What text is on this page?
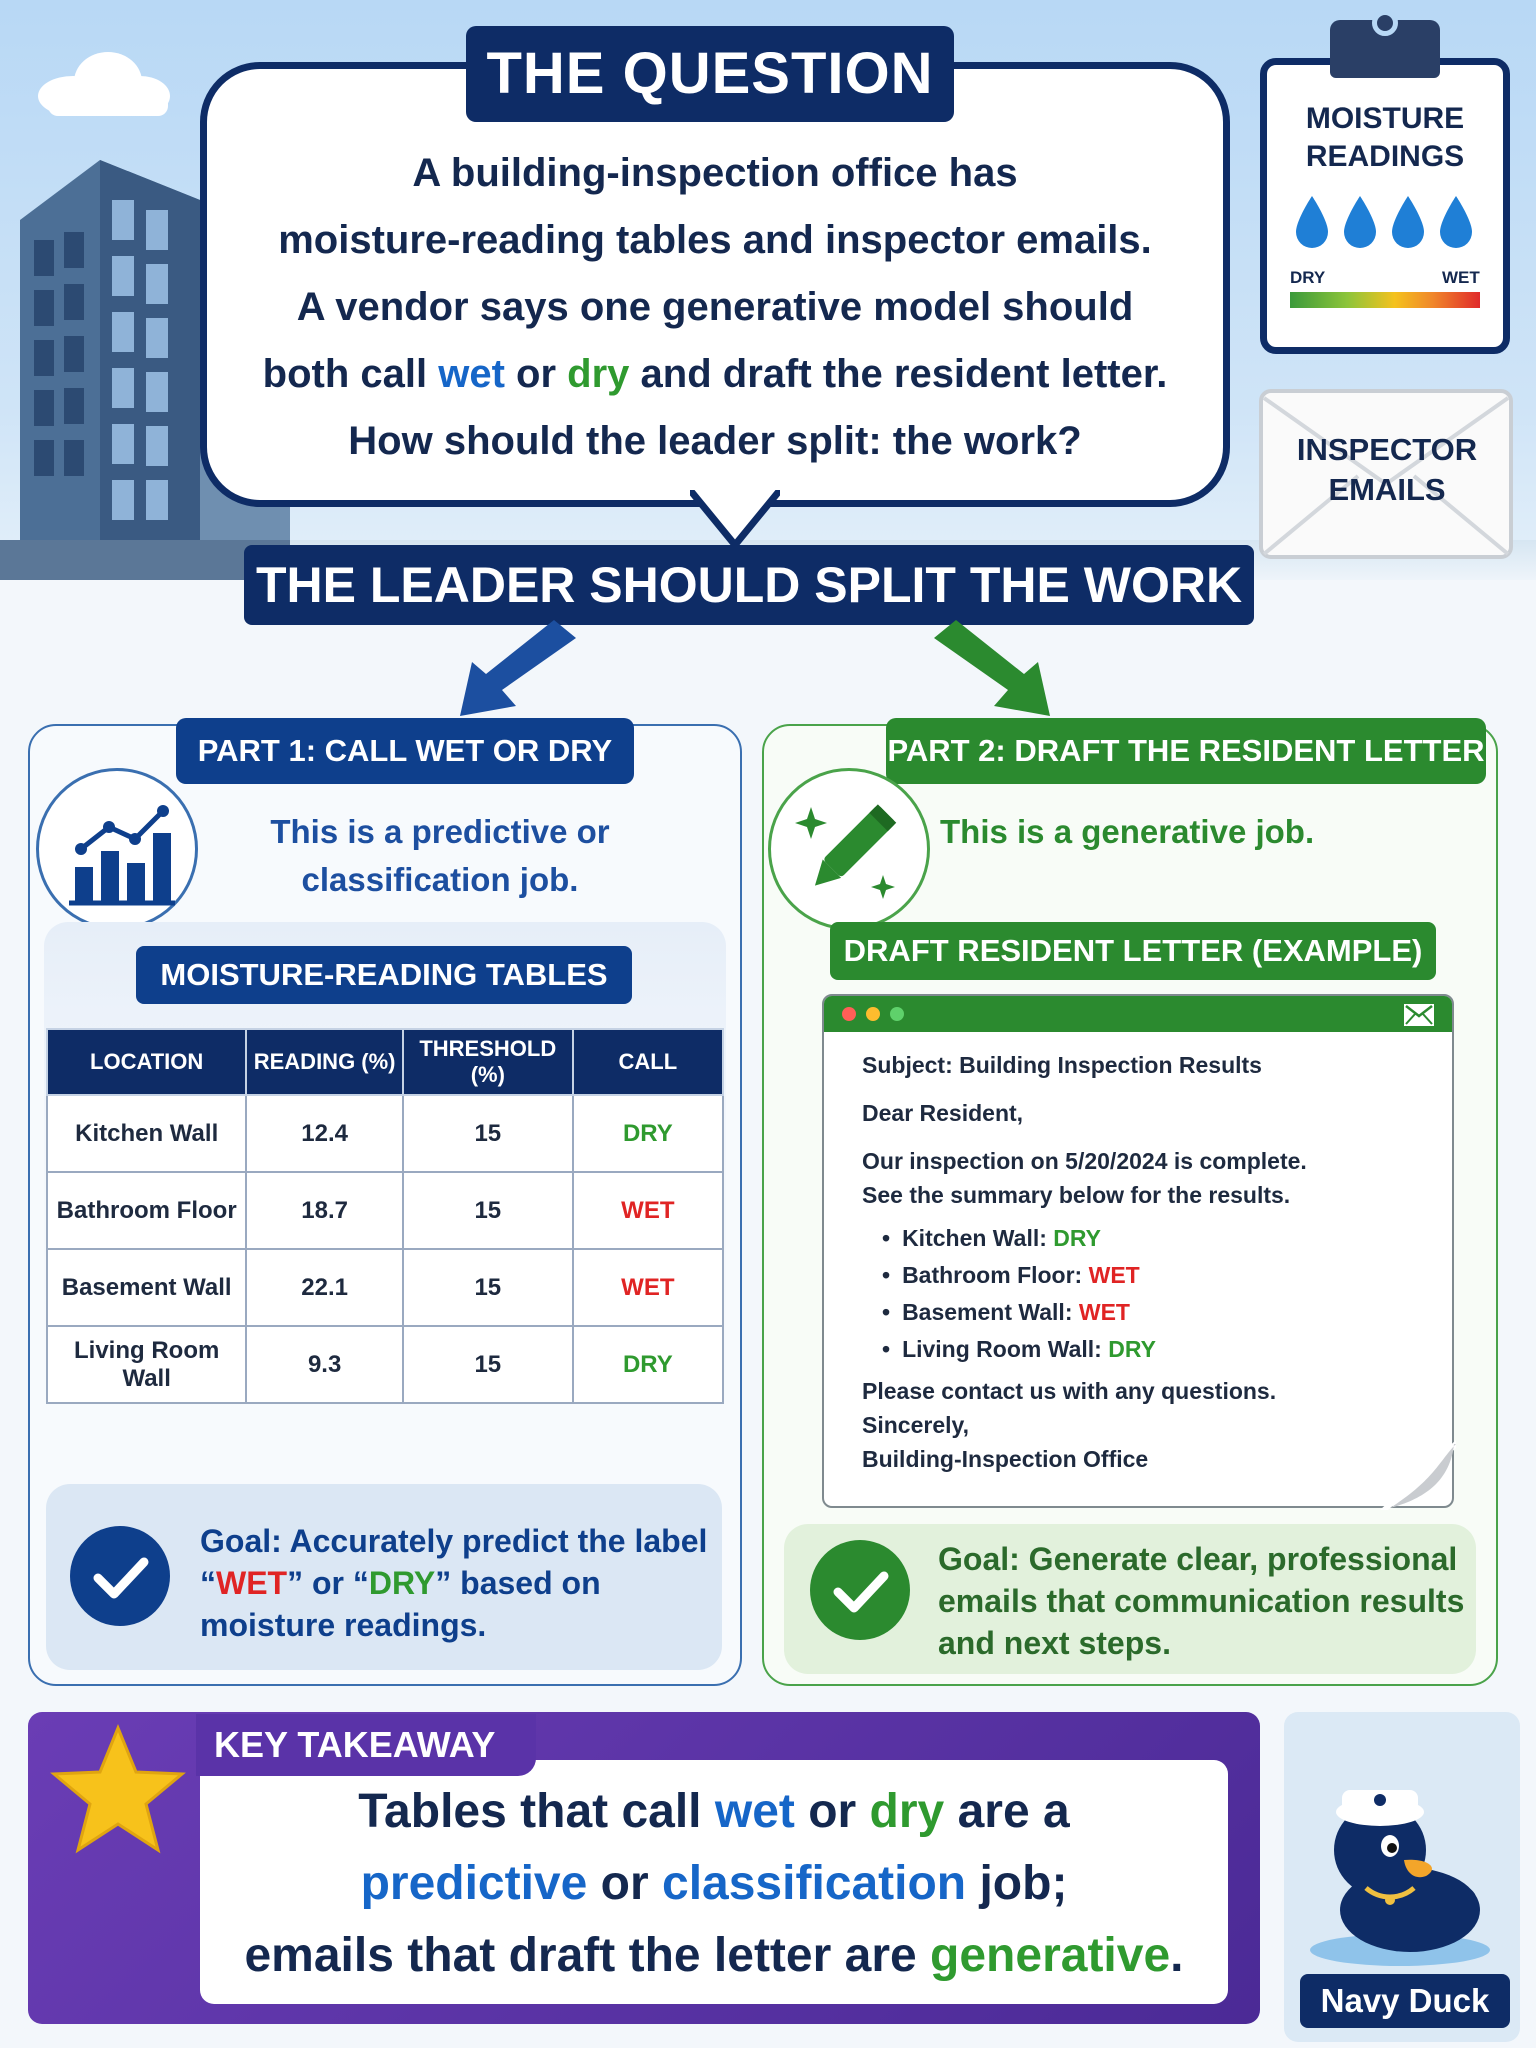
THE QUESTION
A building-inspection office has
moisture-reading tables and inspector emails.
A vendor says one generative model should
both call wet or dry and draft the resident letter.
How should the leader split: the work?
MOISTURE
READINGS
DRY	WET
INSPECTOR
EMAILS
THE LEADER SHOULD SPLIT THE WORK
PART 1: CALL WET OR DRY
This is a predictive or
classification job.
MOISTURE-READING TABLES
LOCATION	READING (%)	THRESHOLD (%)	CALL
Kitchen Wall	12.4	15	DRY
Bathroom Floor	18.7	15	WET
Basement Wall	22.1	15	WET
Living Room Wall	9.3	15	DRY
Goal: Accurately predict the label
“WET” or “DRY” based on
moisture readings.
PART 2: DRAFT THE RESIDENT LETTER
This is a generative job.
DRAFT RESIDENT LETTER (EXAMPLE)
Subject: Building Inspection Results
Dear Resident,
Our inspection on 5/20/2024 is complete.
See the summary below for the results.
• Kitchen Wall: DRY
• Bathroom Floor: WET
• Basement Wall: WET
• Living Room Wall: DRY
Please contact us with any questions.
Sincerely,
Building-Inspection Office
Goal: Generate clear, professional
emails that communication results
and next steps.
KEY TAKEAWAY
Tables that call wet or dry are a
predictive or classification job;
emails that draft the letter are generative.
Navy Duck
